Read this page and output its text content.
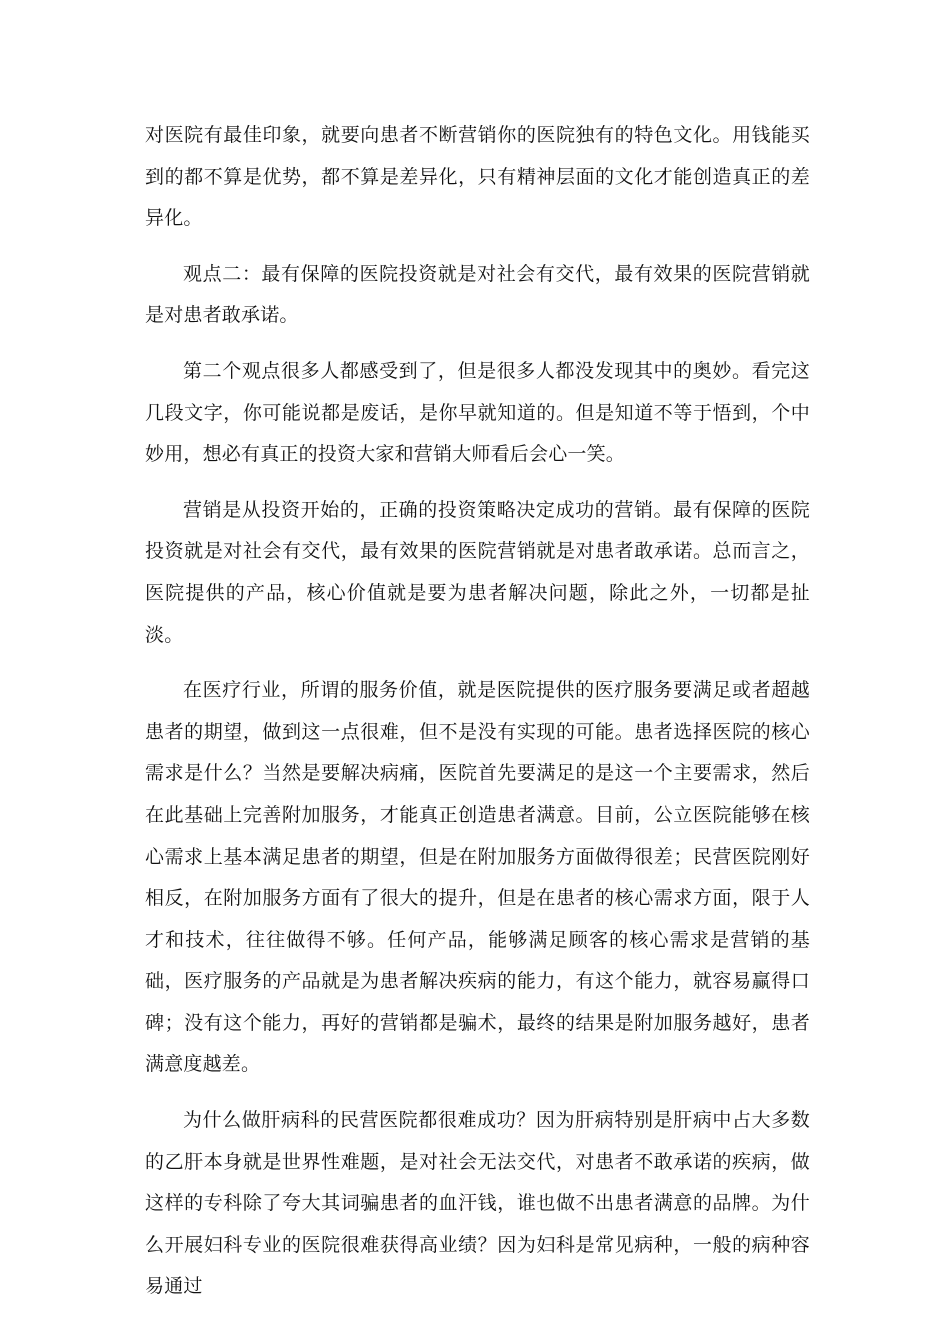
对医院有最佳印象，就要向患者不断营销你的医院独有的特色文化。用钱能买到的都不算是优势，都不算是差异化，只有精神层面的文化才能创造真正的差异化。

观点二：最有保障的医院投资就是对社会有交代，最有效果的医院营销就是对患者敢承诺。

第二个观点很多人都感受到了，但是很多人都没发现其中的奥妙。看完这几段文字，你可能说都是废话，是你早就知道的。但是知道不等于悟到，个中妙用，想必有真正的投资大家和营销大师看后会心一笑。

营销是从投资开始的，正确的投资策略决定成功的营销。最有保障的医院投资就是对社会有交代，最有效果的医院营销就是对患者敢承诺。总而言之，医院提供的产品，核心价值就是要为患者解决问题，除此之外，一切都是扯淡。

在医疗行业，所谓的服务价值，就是医院提供的医疗服务要满足或者超越患者的期望，做到这一点很难，但不是没有实现的可能。患者选择医院的核心需求是什么？当然是要解决病痛，医院首先要满足的是这一个主要需求，然后在此基础上完善附加服务，才能真正创造患者满意。目前，公立医院能够在核心需求上基本满足患者的期望，但是在附加服务方面做得很差；民营医院刚好相反，在附加服务方面有了很大的提升，但是在患者的核心需求方面，限于人才和技术，往往做得不够。任何产品，能够满足顾客的核心需求是营销的基础，医疗服务的产品就是为患者解决疾病的能力，有这个能力，就容易赢得口碑；没有这个能力，再好的营销都是骗术，最终的结果是附加服务越好，患者满意度越差。

为什么做肝病科的民营医院都很难成功？因为肝病特别是肝病中占大多数的乙肝本身就是世界性难题，是对社会无法交代，对患者不敢承诺的疾病，做这样的专科除了夸大其词骗患者的血汗钱，谁也做不出患者满意的品牌。为什么开展妇科专业的医院很难获得高业绩？因为妇科是常见病种，一般的病种容易通过
